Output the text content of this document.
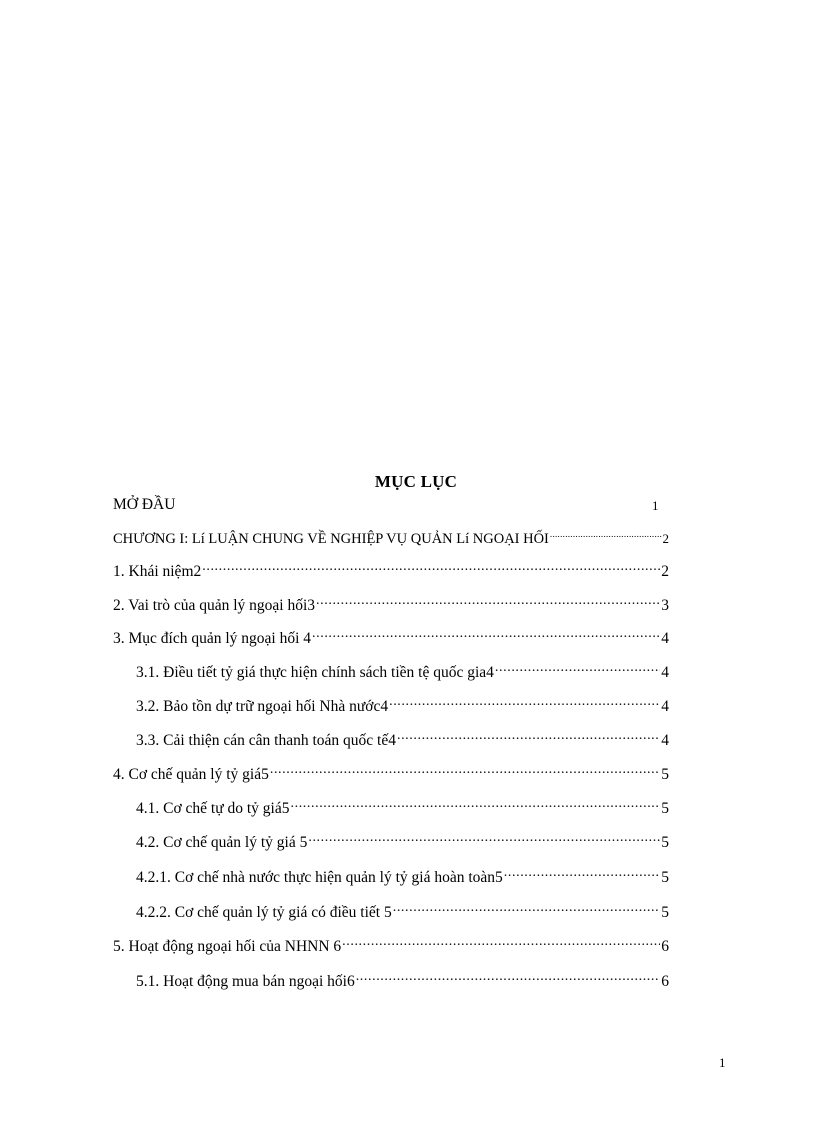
MỤC LỤC
MỞ ĐẦU	1
CHƯƠNG I: Lí LUẬN CHUNG VỀ NGHIỆP VỤ QUẢN Lí NGOẠI HỐI .....	2
1. Khái niệm2 .....	2
2. Vai trò của quản lý ngoại hối3 .....	3
3. Mục đích quản lý ngoại hối 4 .....	4
3.1. Điều tiết tỷ giá thực hiện chính sách tiền tệ quốc gia4 .....	4
3.2. Bảo tồn dự trữ ngoại hối Nhà nước4 .....	4
3.3. Cải thiện cán cân thanh toán quốc tế4 .....	4
4. Cơ chế quản lý tỷ giá5 .....	5
4.1. Cơ chế tự do tỷ giá5 .....	5
4.2. Cơ chế quản lý tỷ giá 5 .....	5
4.2.1. Cơ chế nhà nước thực hiện quản lý tỷ giá hoàn toàn5 .....	5
4.2.2. Cơ chế quản lý tỷ giá có điều tiết 5 .....	5
5. Hoạt động ngoại hối của NHNN 6 .....	6
5.1. Hoạt động mua bán ngoại hối6 .....	6
1
